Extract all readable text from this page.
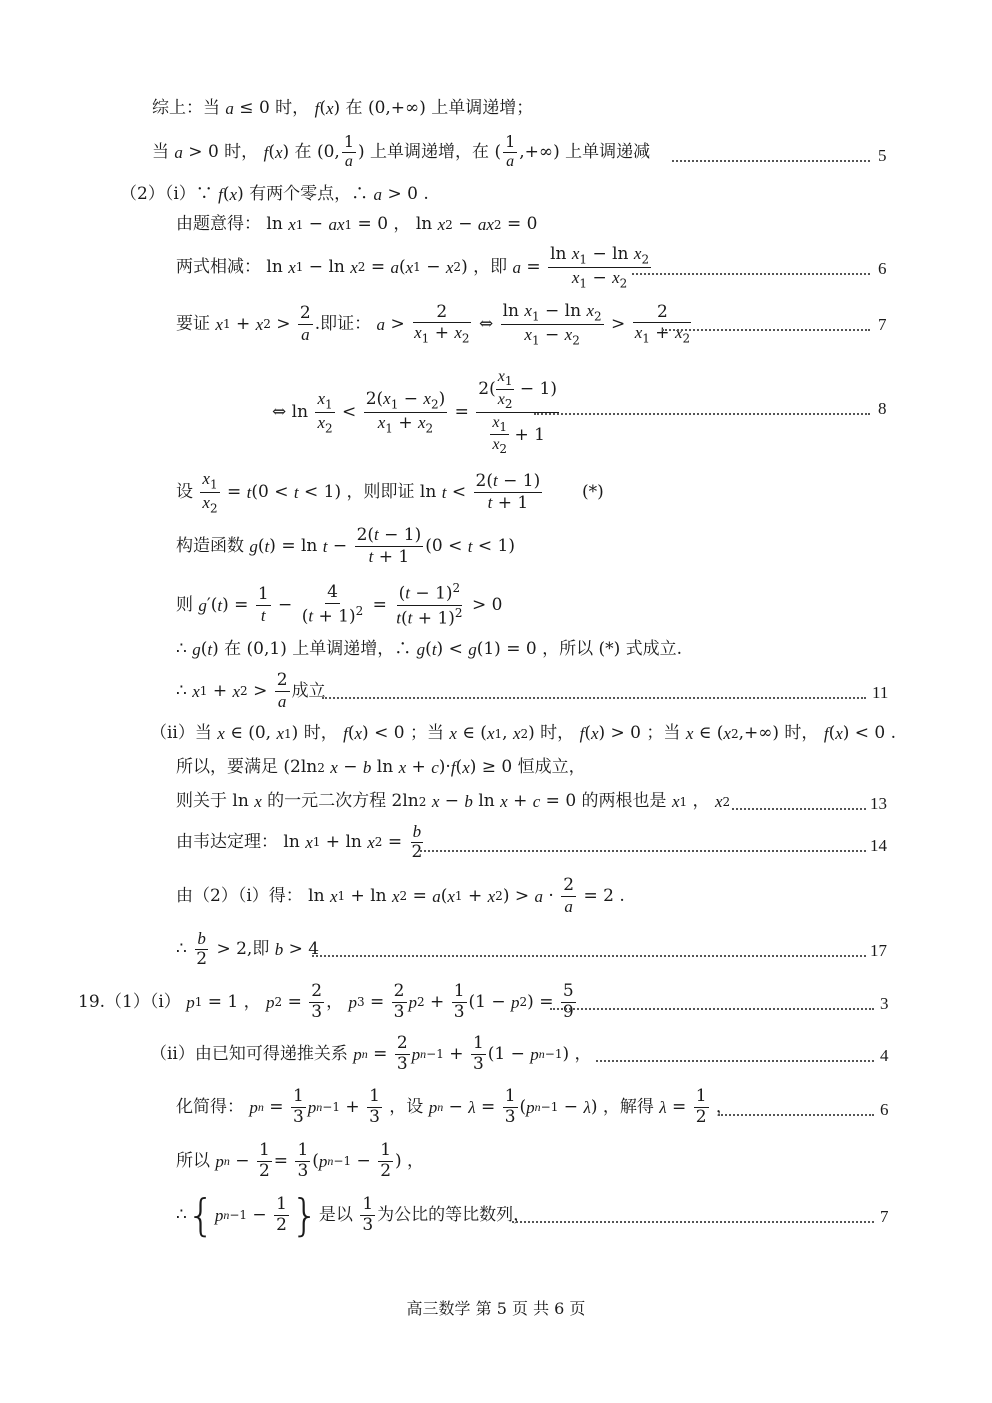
综上：当 a ≤ 0 时， f ( x ) 在 (0,+∞) 上单调递增；
当 a > 0 时， f ( x ) 在 (0,
1
a ) 上单调递增，在 (
1
a ,+∞) 上单调递减	5
（2）（i）∵ f ( x ) 有两个零点，∴ a > 0 .
由题意得： ln x 1 − ax 1 = 0 ， ln x 2 − ax 2 = 0
两式相减： ln x 1 − ln x 2 = a ( x 1 − x 2 ) ，即 a =
$\ln x_1 - \ln x_2$
$x_1 - x_2$
6
要证 x 1 + x 2 >
2
a
.即证： a >
2
$x_1 + x_2$
⇔
$\ln x_1 - \ln x_2$
$x_1 - x_2$
>
2
$x_1 + x_2$
7
⇔ ln
$x_1$
$x_2$
<
$2(x_1 - x_2)$
$x_1 + x_2$
=
$2( \frac{x_1}{x_2} - 1)$
$\frac{x_1}{x_2} + 1$
8
设
$x_1$
$x_2$
= t (0 < t < 1) ，则即证 ln t <
2(t − 1)
t + 1
(*)
构造函数 g ( t ) = ln t −
2(t − 1)
t + 1
(0 < t < 1)
则 g ′( t ) =
1
t
−
4
$(t + 1)^2$ =
$(t - 1)^2$
$t(t + 1)^2 > 0$
∴ g ( t ) 在 (0,1) 上单调递增，∴ g ( t ) < g (1) = 0 ，所以 (*) 式成立.
∴ x 1 + x 2 >
2
a
成立	11
（ii）当 x ∈ (0, x 1 ) 时， f ( x ) < 0 ；当 x ∈ ( x 1 , x 2 ) 时， f ( x ) > 0 ；当 x ∈ ( x 2 ,+∞) 时， f ( x ) < 0 .
所以，要满足 (2ln 2
x − b ln x + c )· f ( x ) ≥ 0 恒成立，
则关于 ln x 的一元二次方程 2ln 2
x − b ln x + c = 0 的两根也是 x 1 ， x 2	13
由韦达定理： ln x 1 + ln x 2 =
b
2	14
由（2）（i）得： ln x 1 + ln x 2 = a ( x 1 + x 2 ) > a ·
2
a
= 2 .
∴
b
2 > 2,即 b > 4	17
19.（1）（i） p 1 = 1 ， p 2 =
2
3 ， p 3 =
2
3 p 2 +
1
3 (1 − p 2 ) =
5
9	3
（ii）由已知可得递推关系 p n =
2
3 p n−1 +
1
3 (1 − p n−1 ) ，	4
化简得： p n =
1
3 p n−1 +
1
3 ，设 p n − λ =
1
3 ( p n−1 − λ ) ，解得 λ =
1
2 ，	6
所以 p n −
1
2 =
1
3 ( p n−1 −
1
2 ) ，
∴ { p n−1 −
1
2 } 是以
1
3 为公比的等比数列，	7
高三数学 第 5 页 共 6 页
